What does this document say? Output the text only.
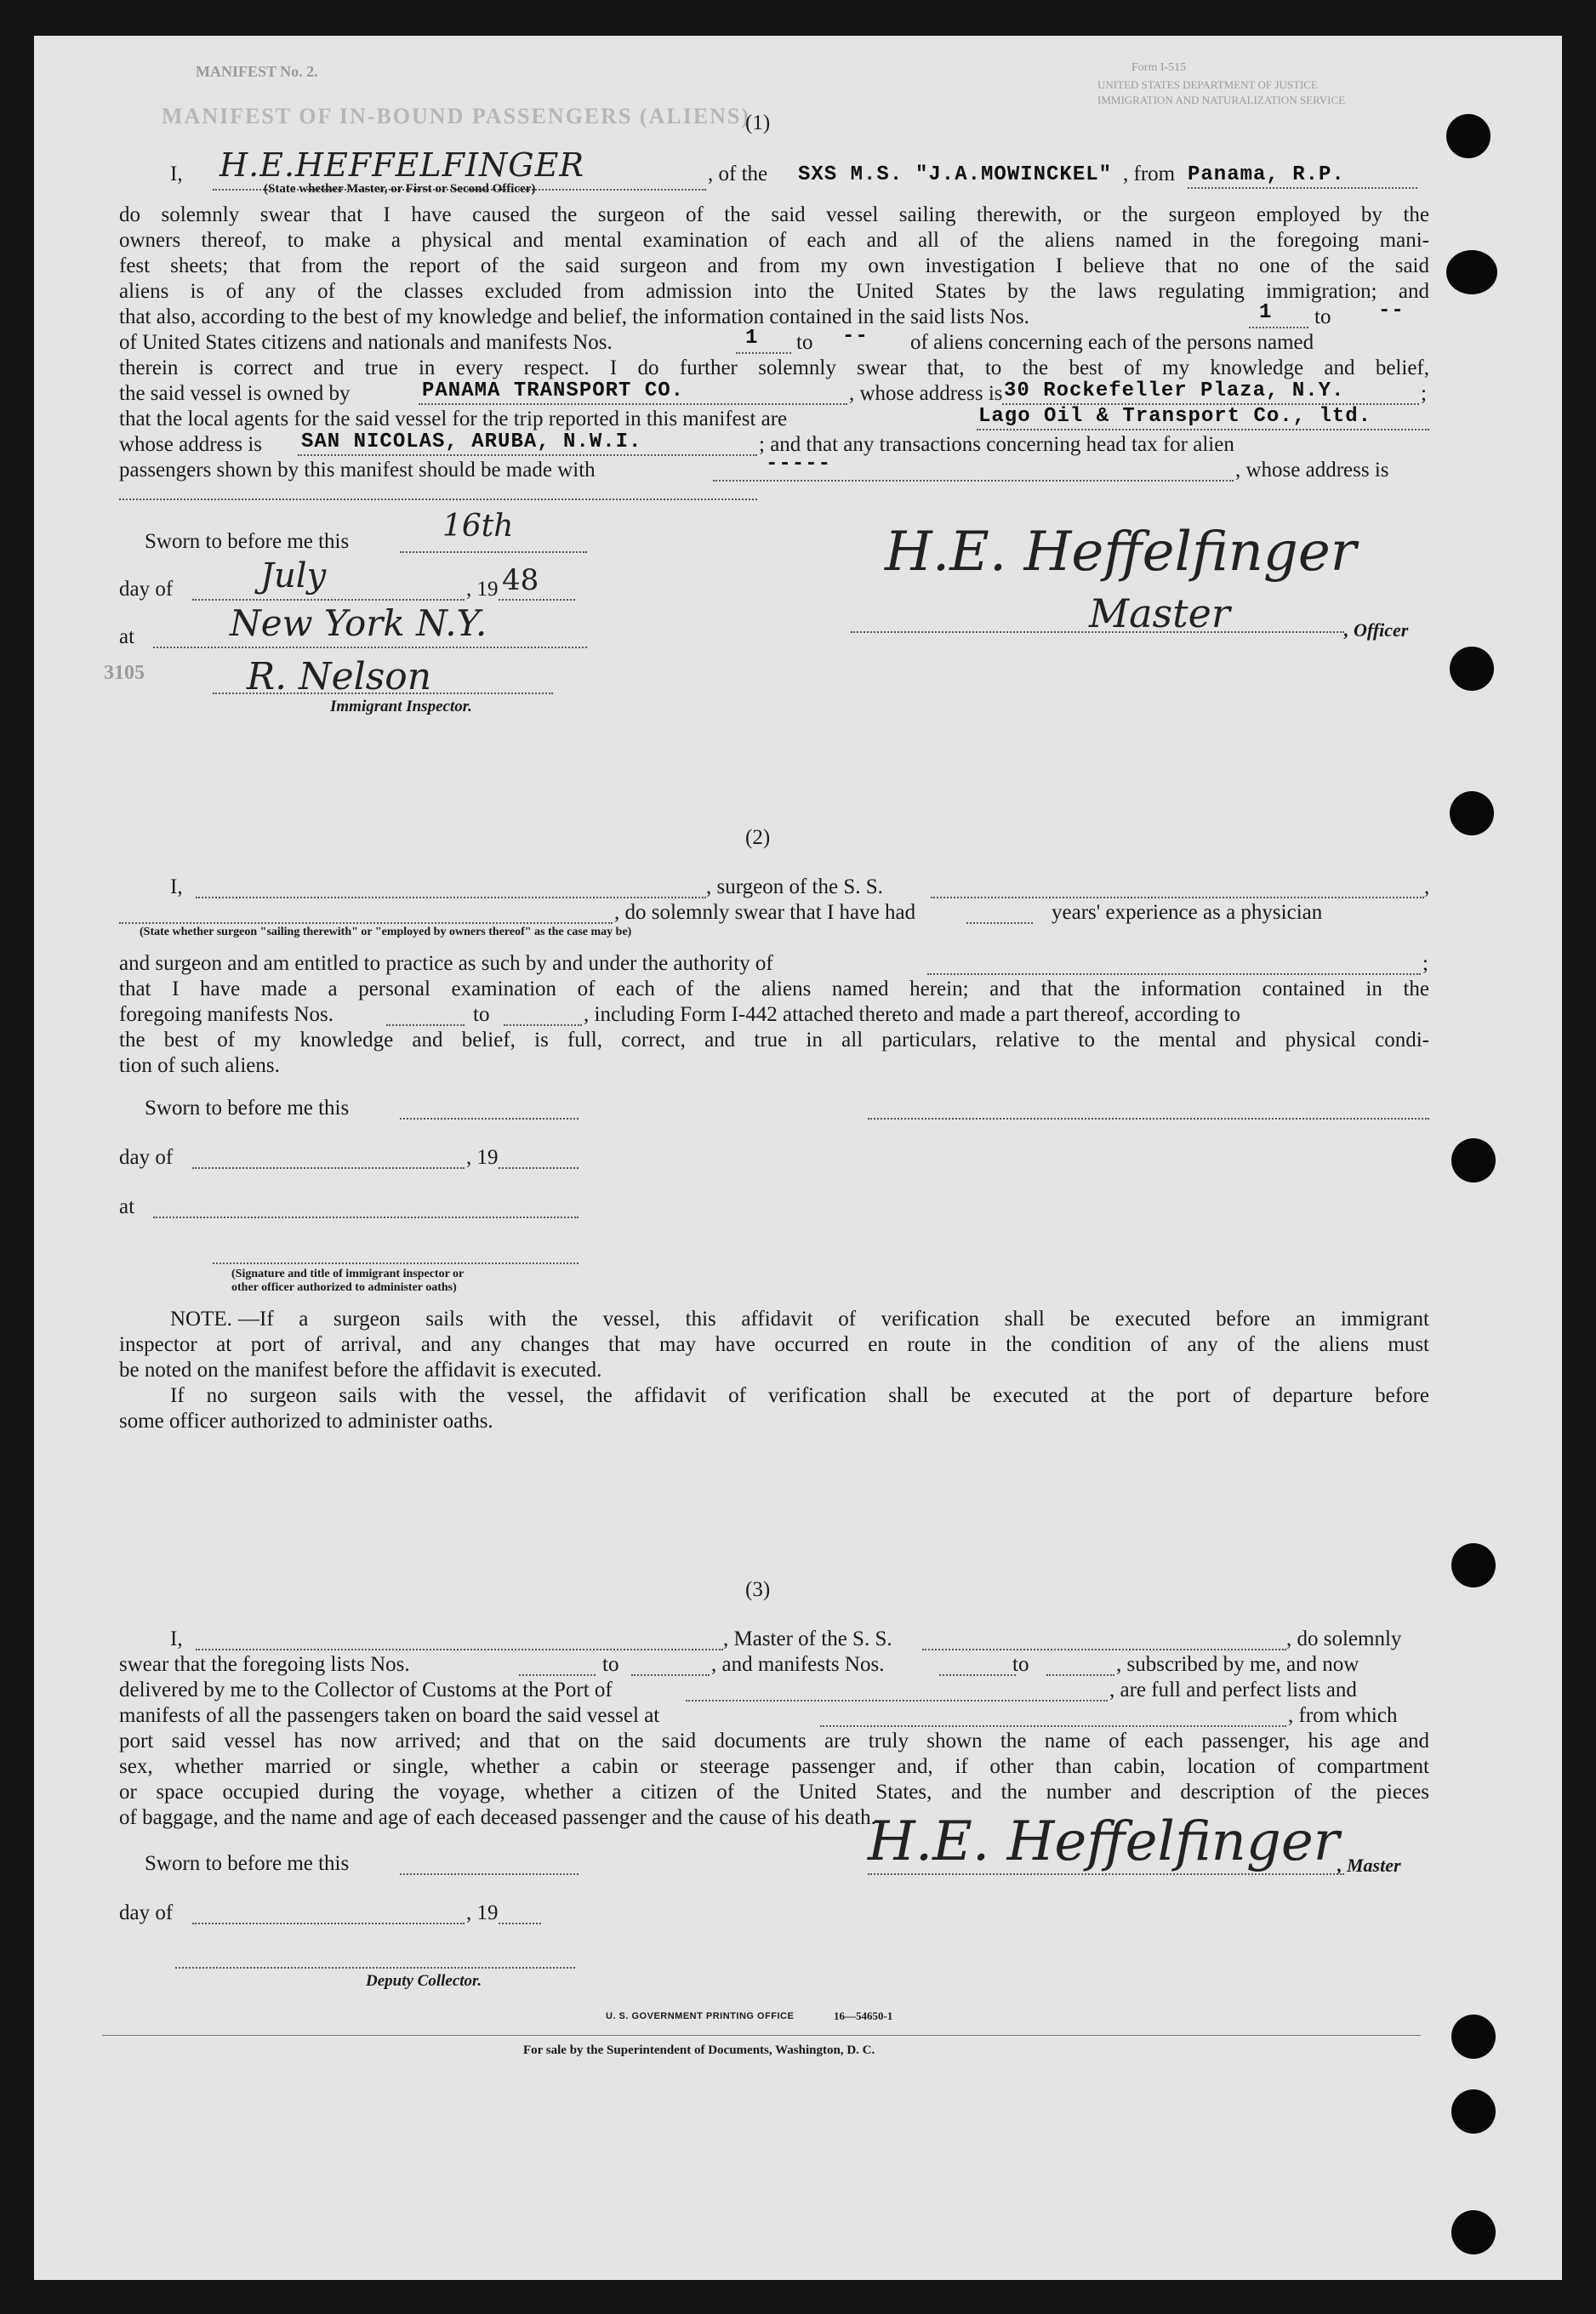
MANIFEST No. 2.
MANIFEST OF IN-BOUND PASSENGERS (ALIENS)
Form I-515
UNITED STATES DEPARTMENT OF JUSTICE
IMMIGRATION AND NATURALIZATION SERVICE
(1)
I, H.E.HEFFELFINGER
(State whether Master, or First or Second Officer)
, of the SXS M.S. "J.A.MOWINCKEL" , from Panama, R.P.
do solemnly swear that I have caused the surgeon of the said vessel sailing therewith, or the surgeon employed by the
owners thereof, to make a physical and mental examination of each and all of the aliens named in the foregoing mani-
fest sheets; that from the report of the said surgeon and from my own investigation I believe that no one of the said
aliens is of any of the classes excluded from admission into the United States by the laws regulating immigration; and
that also, according to the best of my knowledge and belief, the information contained in the said lists Nos.	1 to --
of United States citizens and nationals and manifests Nos.	1 to -- of aliens concerning each of the persons named
therein is correct and true in every respect. I do further solemnly swear that, to the best of my knowledge and belief,
the said vessel is owned by	PANAMA TRANSPORT CO.	, whose address is 30 Rockefeller Plaza, N.Y.	;
that the local agents for the said vessel for the trip reported in this manifest are	Lago Oil & Transport Co., ltd.
whose address is SAN NICOLAS, ARUBA, N.W.I.	; and that any transactions concerning head tax for alien
passengers shown by this manifest should be made with	-----	, whose address is
Sworn to before me this	16th
day of	July	, 19 48
at	New York N.Y.
3105	R. Nelson
Immigrant Inspector.
H.E. Heffelfinger
Master	, Officer
(2)
I,	, surgeon of the S. S.	,
, do solemnly swear that I have had	years' experience as a physician
(State whether surgeon "sailing therewith" or "employed by owners thereof" as the case may be)
and surgeon and am entitled to practice as such by and under the authority of	;
that I have made a personal examination of each of the aliens named herein; and that the information contained in the
foregoing manifests Nos.	to	, including Form I-442 attached thereto and made a part thereof, according to
the best of my knowledge and belief, is full, correct, and true in all particulars, relative to the mental and physical condi-
tion of such aliens.
Sworn to before me this
day of	, 19
at
(Signature and title of immigrant inspector or
other officer authorized to administer oaths)
NOTE. —If a surgeon sails with the vessel, this affidavit of verification shall be executed before an immigrant
inspector at port of arrival, and any changes that may have occurred en route in the condition of any of the aliens must
be noted on the manifest before the affidavit is executed.
If no surgeon sails with the vessel, the affidavit of verification shall be executed at the port of departure before
some officer authorized to administer oaths.
(3)
I,	, Master of the S. S.	, do solemnly
swear that the foregoing lists Nos.	to	, and manifests Nos.	to	, subscribed by me, and now
delivered by me to the Collector of Customs at the Port of	, are full and perfect lists and
manifests of all the passengers taken on board the said vessel at	, from which
port said vessel has now arrived; and that on the said documents are truly shown the name of each passenger, his age and
sex, whether married or single, whether a cabin or steerage passenger and, if other than cabin, location of compartment
or space occupied during the voyage, whether a citizen of the United States, and the number and description of the pieces
of baggage, and the name and age of each deceased passenger and the cause of his death.
Sworn to before me this	H.E. Heffelfinger
, Master
day of	, 19
Deputy Collector.
U. S. GOVERNMENT PRINTING OFFICE	16—54650-1
For sale by the Superintendent of Documents, Washington, D. C.
